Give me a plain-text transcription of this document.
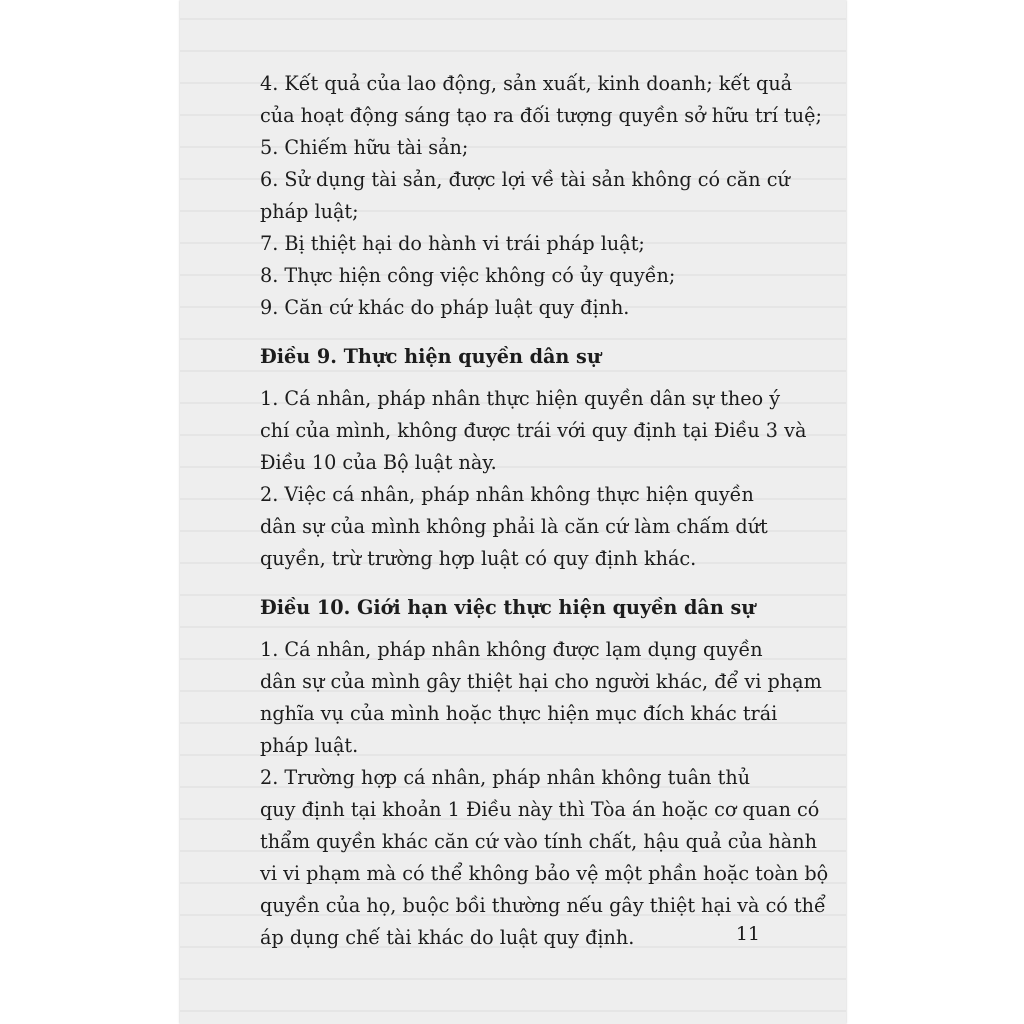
4. Kết quả của lao động, sản xuất, kinh doanh; kết quả
của hoạt động sáng tạo ra đối tượng quyền sở hữu trí tuệ;
5. Chiếm hữu tài sản;
6. Sử dụng tài sản, được lợi về tài sản không có căn cứ
pháp luật;
7. Bị thiệt hại do hành vi trái pháp luật;
8. Thực hiện công việc không có ủy quyền;
9. Căn cứ khác do pháp luật quy định.
Điều 9. Thực hiện quyền dân sự
1. Cá nhân, pháp nhân thực hiện quyền dân sự theo ý
chí của mình, không được trái với quy định tại Điều 3 và
Điều 10 của Bộ luật này.
2. Việc cá nhân, pháp nhân không thực hiện quyền
dân sự của mình không phải là căn cứ làm chấm dứt
quyền, trừ trường hợp luật có quy định khác.
Điều 10. Giới hạn việc thực hiện quyền dân sự
1. Cá nhân, pháp nhân không được lạm dụng quyền
dân sự của mình gây thiệt hại cho người khác, để vi phạm
nghĩa vụ của mình hoặc thực hiện mục đích khác trái
pháp luật.
2. Trường hợp cá nhân, pháp nhân không tuân thủ
quy định tại khoản 1 Điều này thì Tòa án hoặc cơ quan có
thẩm quyền khác căn cứ vào tính chất, hậu quả của hành
vi vi phạm mà có thể không bảo vệ một phần hoặc toàn bộ
quyền của họ, buộc bồi thường nếu gây thiệt hại và có thể
áp dụng chế tài khác do luật quy định.	11
